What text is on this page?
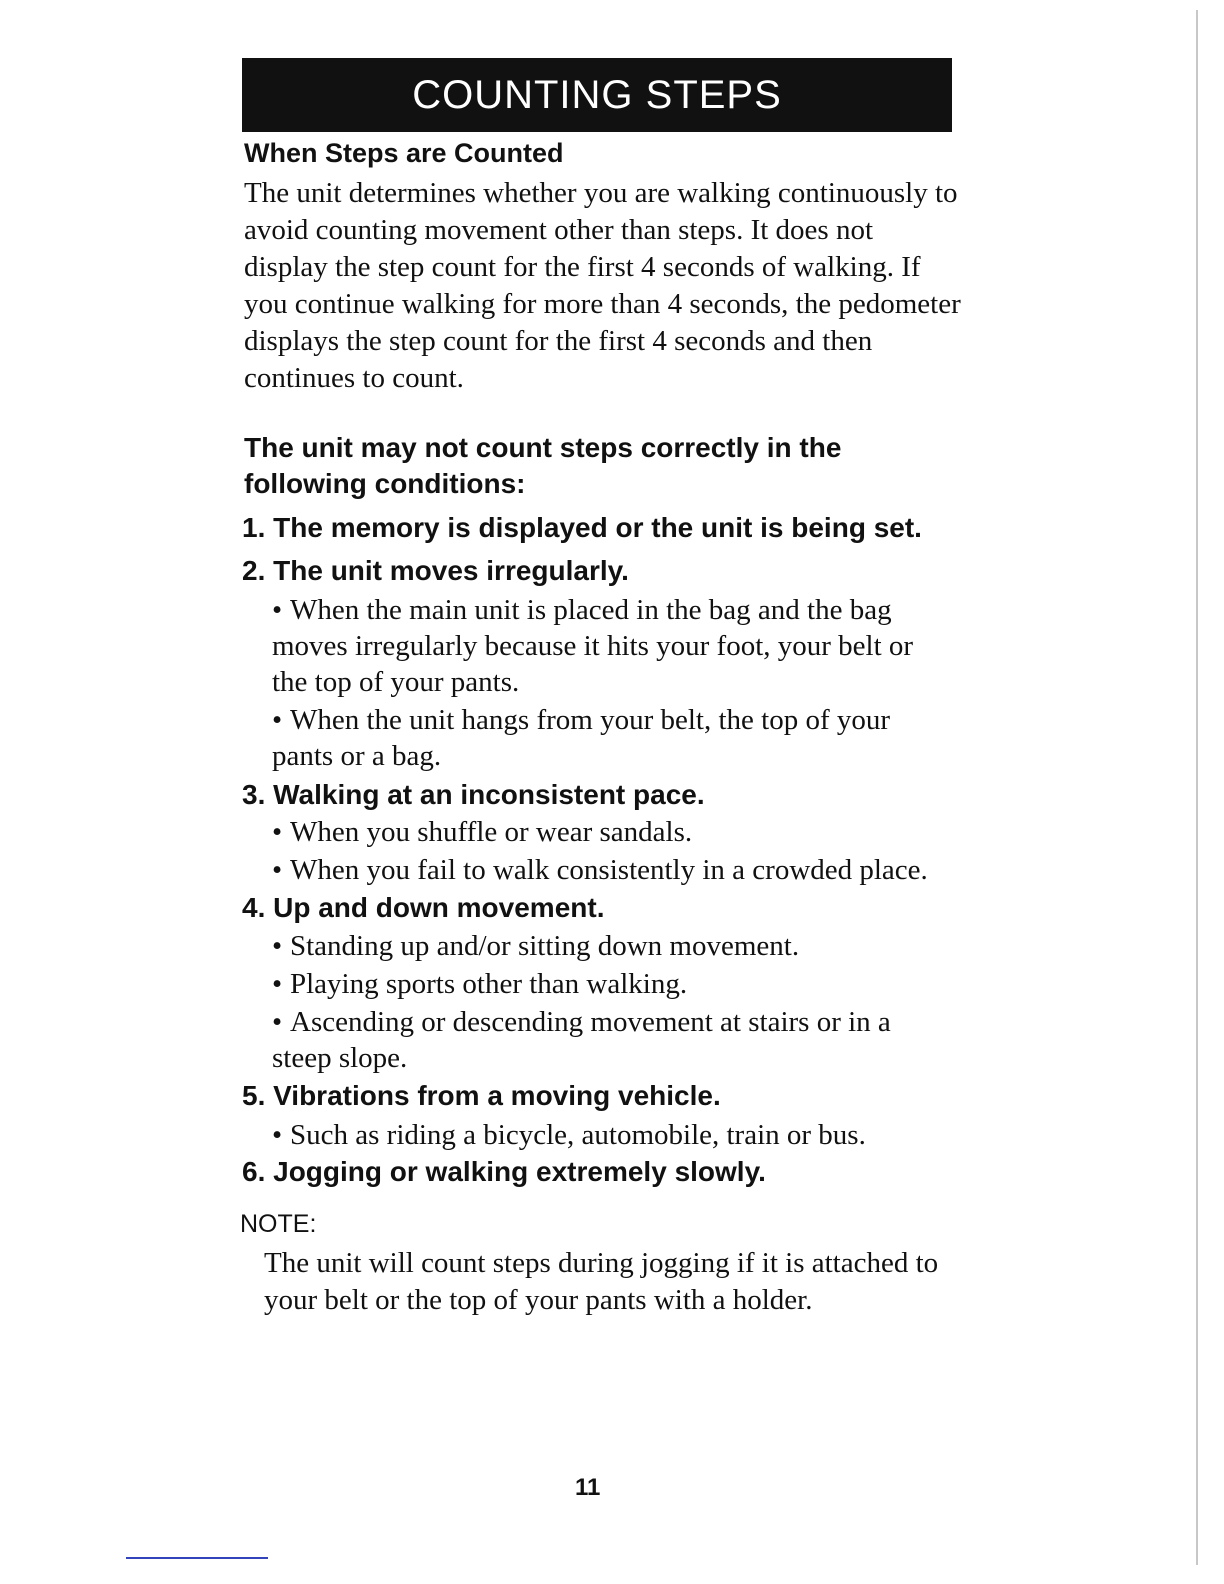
COUNTING STEPS
When Steps are Counted

The unit determines whether you are walking continuously to avoid counting movement other than steps. It does not display the step count for the first 4 seconds of walking. If you continue walking for more than 4 seconds, the pedometer displays the step count for the first 4 seconds and then continues to count.

The unit may not count steps correctly in the following conditions:
1. The memory is displayed or the unit is being set.
2. The unit moves irregularly.
• When the main unit is placed in the bag and the bag moves irregularly because it hits your foot, your belt or the top of your pants.
• When the unit hangs from your belt, the top of your pants or a bag.
3. Walking at an inconsistent pace.
• When you shuffle or wear sandals.
• When you fail to walk consistently in a crowded place.
4. Up and down movement.
• Standing up and/or sitting down movement.
• Playing sports other than walking.
• Ascending or descending movement at stairs or in a steep slope.
5. Vibrations from a moving vehicle.
• Such as riding a bicycle, automobile, train or bus.
6. Jogging or walking extremely slowly.
NOTE:

The unit will count steps during jogging if it is attached to your belt or the top of your pants with a holder.

11
